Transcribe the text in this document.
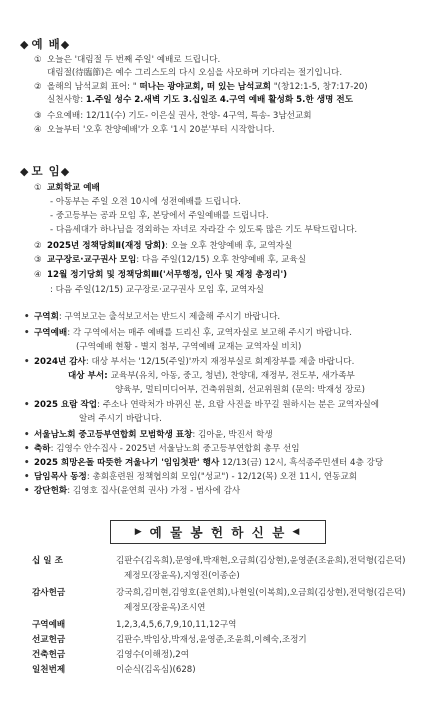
◆ 예 배◆
① 오늘은 '대림절 두 번째 주일' 예배로 드립니다.
대림절(待臨節)은 예수 그리스도의 다시 오심을 사모하며 기다리는 절기입니다.
② 올해의 남석교회 표어: " 떠나는 광야교회, 떠 있는 남석교회 "(창12:1-5, 창7:17-20)
실천사항: 1.주일 성수 2.새벽 기도 3.십일조 4.구역 예배 활성화 5.한 생명 전도
③ 수요예배: 12/11(수) 기도- 이은실 권사, 찬양- 4구역, 특송- 3남선교회
④ 오늘부터 '오후 찬양예배'가 오후 '1시 20분'부터 시작합니다.
◆ 모 임◆
① 교회학교 예배
- 아동부는 주일 오전 10시에 성전예배를 드립니다.
- 중고등부는 공과 모임 후, 본당에서 주일예배를 드립니다.
- 다음세대가 하나님을 경외하는 자녀로 자라갈 수 있도록 많은 기도 부탁드립니다.
② 2025년 정책당회Ⅱ(재정 당회): 오늘 오후 찬양예배 후, 교역자실
③ 교구장로·교구권사 모임: 다음 주일(12/15) 오후 찬양예배 후, 교육실
④ 12월 정기당회 및 정책당회Ⅲ('서무행정, 인사 및 재정 총정리')
: 다음 주일(12/15) 교구장로·교구권사 모임 후, 교역자실
• 구역회: 구역보고는 출석보고서는 반드시 제출해 주시기 바랍니다.
• 구역예배: 각 구역에서는 매주 예배를 드리신 후, 교역자실로 보고해 주시기 바랍니다.
(구역예배 현황 - 별지 첨부, 구역예배 교재는 교역자실 비치)
• 2024년 감사: 대상 부서는 '12/15(주일)'까지 재정부실로 회계장부를 제출 바랍니다.
대상 부서: 교육부(유치, 아동, 중고, 청년), 찬양대, 재정부, 전도부, 새가족부
양육부, 멀티미디어부, 건축위원회, 선교위원회 (문의: 박재성 장로)
• 2025 요람 작업: 주소나 연락처가 바뀌신 분, 요람 사진을 바꾸길 원하시는 분은 교역자실에
알려 주시기 바랍니다.
• 서울남노회 중고등부연합회 모범학생 표창: 김아윤, 박진서 학생
• 축하: 김영수 안수집사 - 2025년 서울남노회 중고등부연합회 총무 선임
• 2025 희망온돌 따뜻한 겨울나기 '임임첫판' 행사 12/13(금) 12시, 흑석종주민센터 4층 강당
• 담임목사 동정: 총회훈련원 정책협의회 모임("성교") - 12/12(목) 오전 11시, 연동교회
• 강단헌화: 김영호 집사(윤연희 권사) 가정 - 범사에 감사
▶ 예 물 봉 헌 하 신 분 ◀
십 일 조	김판수(김옥희),문영애,박재현,오금희(김상현),윤영준(조윤희),전덕형(김은덕)
제정모(장윤옥),지영진(이종순)
감사헌금	강국희,김미현,김영호(윤연희),나현일(이복희),오금희(김상현),전덕형(김은덕)
제정모(장윤옥)조시연
구역예배	1,2,3,4,5,6,7,9,10,11,12구역
선교헌금	김판수,박임상,박재성,윤영준,조윤희,이혜숙,조정기
건축헌금	김영수(이해정),2여
일천번제	이순식(김옥심)(628)
